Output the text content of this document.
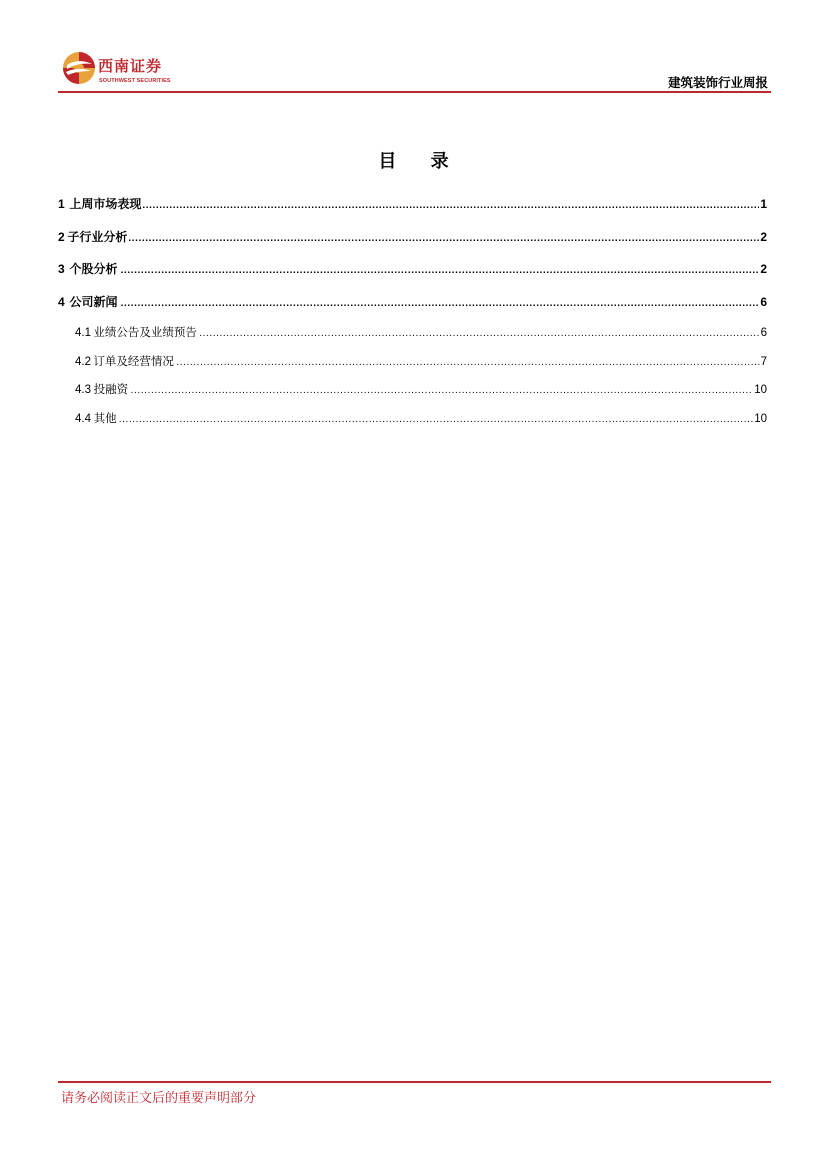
西南证券
SOUTHWEST SECURITIES	建筑装饰行业周报
目 录
1 上周市场表现 .....	1
2 子行业分析 .....	2
3 个股分析 .....	2
4 公司新闻 .....	6
4.1 业绩公告及业绩预告 .....	6
4.2 订单及经营情况 .....	7
4.3 投融资 .....	10
4.4 其他 .....	10
请务必阅读正文后的重要声明部分
